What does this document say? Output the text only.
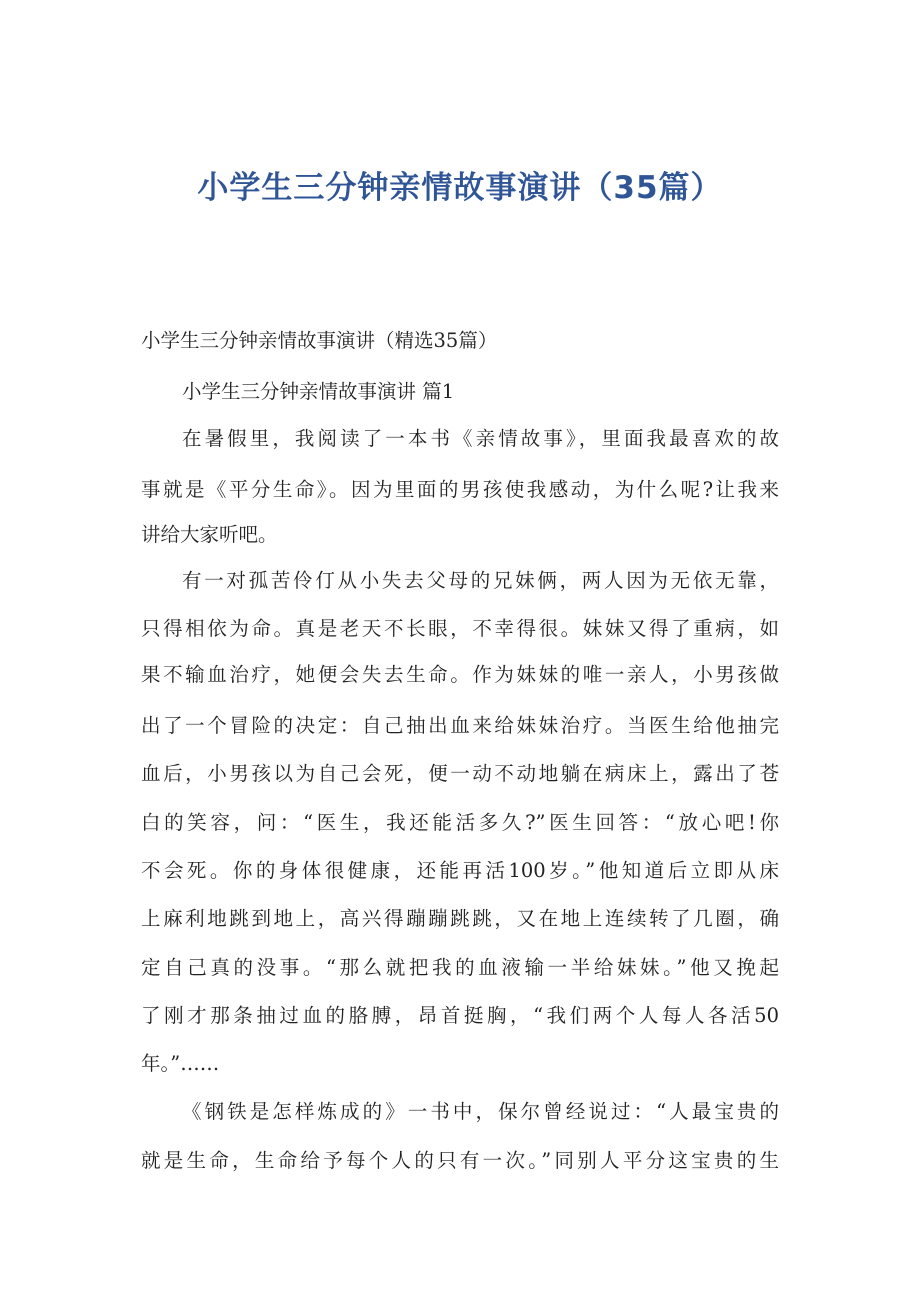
小学生三分钟亲情故事演讲（35篇）
小学生三分钟亲情故事演讲（精选35篇）
小学生三分钟亲情故事演讲 篇1
在暑假里，我阅读了一本书《亲情故事》，里面我最喜欢的故
事就是《平分生命》。因为里面的男孩使我感动，为什么呢?让我来
讲给大家听吧。
有一对孤苦伶仃从小失去父母的兄妹俩，两人因为无依无靠，
只得相依为命。真是老天不长眼，不幸得很。妹妹又得了重病，如
果不输血治疗，她便会失去生命。作为妹妹的唯一亲人，小男孩做
出了一个冒险的决定：自己抽出血来给妹妹治疗。当医生给他抽完
血后，小男孩以为自己会死，便一动不动地躺在病床上，露出了苍
白的笑容，问：“医生，我还能活多久?”医生回答：“放心吧!你
不会死。你的身体很健康，还能再活100岁。”他知道后立即从床
上麻利地跳到地上，高兴得蹦蹦跳跳，又在地上连续转了几圈，确
定自己真的没事。“那么就把我的血液输一半给妹妹。”他又挽起
了刚才那条抽过血的胳膊，昂首挺胸，“我们两个人每人各活50
年。”……
《钢铁是怎样炼成的》一书中，保尔曾经说过：“人最宝贵的
就是生命，生命给予每个人的只有一次。”同别人平分这宝贵的生
